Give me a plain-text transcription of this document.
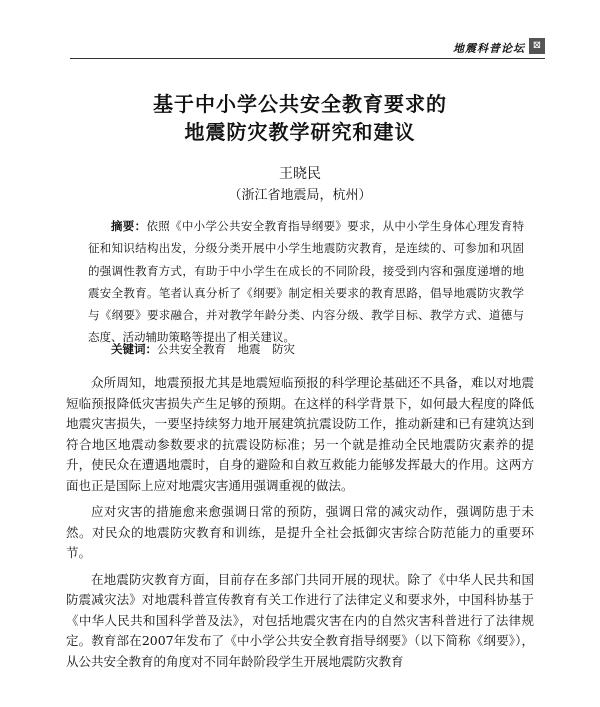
地震科普论坛 ⊠
基于中小学公共安全教育要求的
地震防灾教学研究和建议
王晓民
（浙江省地震局，杭州）
摘要：依照《中小学公共安全教育指导纲要》要求，从中小学生身体心理发育特征和知识结构出发，分级分类开展中小学生地震防灾教育，是连续的、可参加和巩固的强调性教育方式，有助于中小学生在成长的不同阶段，接受到内容和强度递增的地震安全教育。笔者认真分析了《纲要》制定相关要求的教育思路，倡导地震防灾教学与《纲要》要求融合，并对教学年龄分类、内容分级、教学目标、教学方式、道德与态度、活动辅助策略等提出了相关建议。
关键词：公共安全教育　地震　防灾

众所周知，地震预报尤其是地震短临预报的科学理论基础还不具备，难以对地震短临预报降低灾害损失产生足够的预期。在这样的科学背景下，如何最大程度的降低地震灾害损失，一要坚持续努力地开展建筑抗震设防工作，推动新建和已有建筑达到符合地区地震动参数要求的抗震设防标准；另一个就是推动全民地震防灾素养的提升，使民众在遭遇地震时，自身的避险和自救互救能力能够发挥最大的作用。这两方面也正是国际上应对地震灾害通用强调重视的做法。

应对灾害的措施愈来愈强调日常的预防，强调日常的减灾动作，强调防患于未然。对民众的地震防灾教育和训练，是提升全社会抵御灾害综合防范能力的重要环节。

在地震防灾教育方面，目前存在多部门共同开展的现状。除了《中华人民共和国防震减灾法》对地震科普宣传教育有关工作进行了法律定义和要求外，中国科协基于《中华人民共和国科学普及法》，对包括地震灾害在内的自然灾害科普进行了法律规定。教育部在2007年发布了《中小学公共安全教育指导纲要》（以下简称《纲要》），从公共安全教育的角度对不同年龄阶段学生开展地震防灾教育
